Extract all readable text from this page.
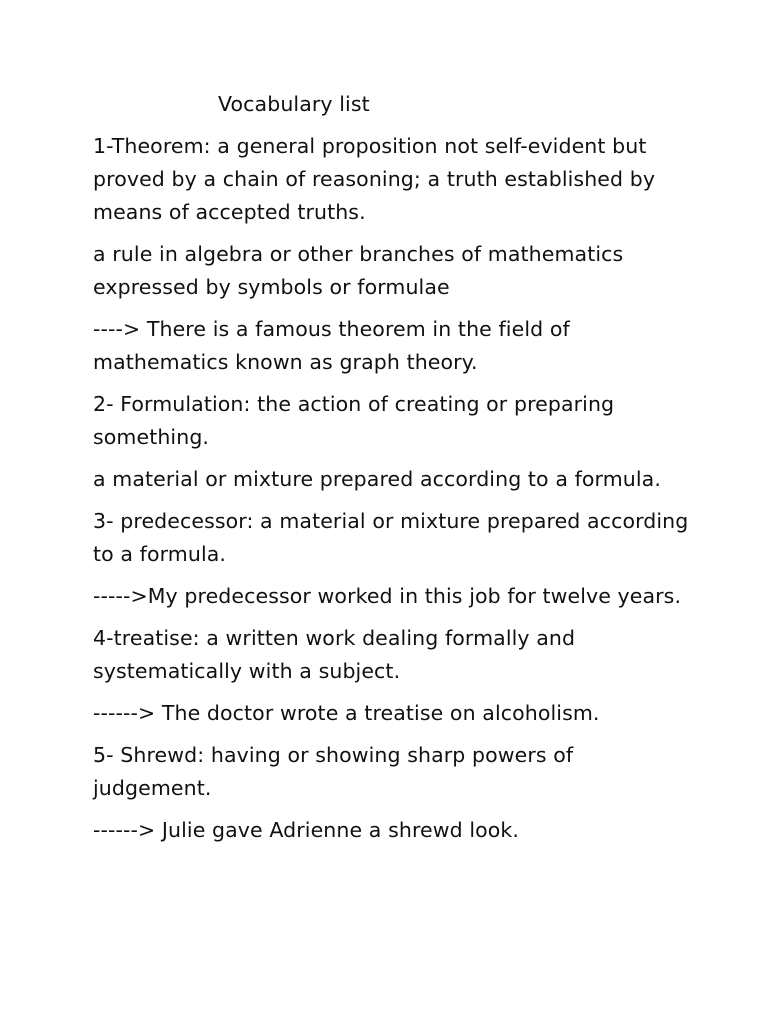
Vocabulary list

1-Theorem: a general proposition not self-evident but proved by a chain of reasoning; a truth established by means of accepted truths.

a rule in algebra or other branches of mathematics expressed by symbols or formulae

----> There is a famous theorem in the field of mathematics known as graph theory.

2- Formulation: the action of creating or preparing something.

a material or mixture prepared according to a formula.

3- predecessor: a material or mixture prepared according to a formula.

----->My predecessor worked in this job for twelve years.

4-treatise: a written work dealing formally and systematically with a subject.

------> The doctor wrote a treatise on alcoholism.

5- Shrewd: having or showing sharp powers of judgement.

------> Julie gave Adrienne a shrewd look.
